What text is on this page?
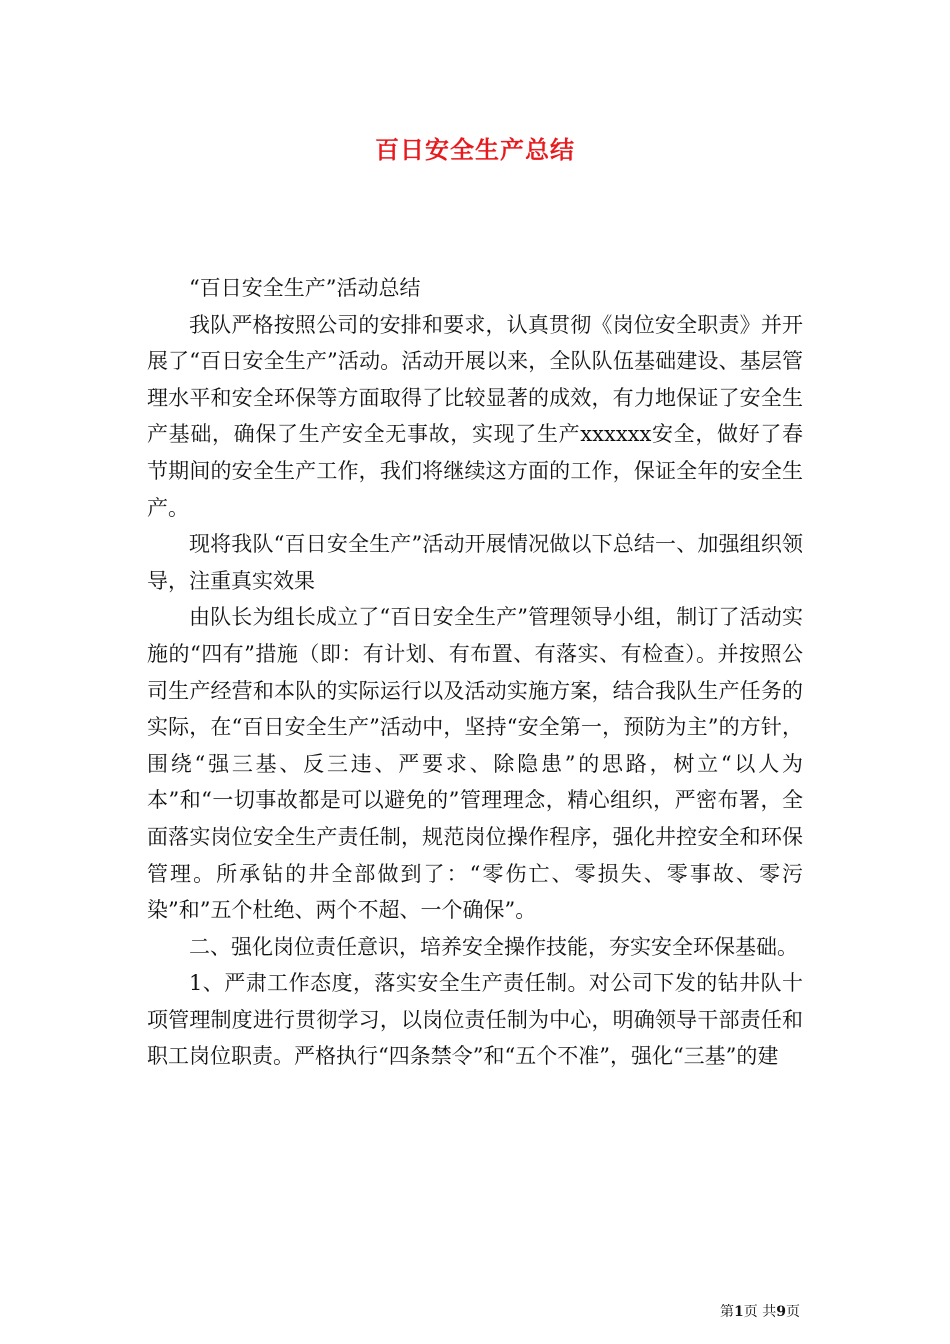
百日安全生产总结

“百日安全生产”活动总结

我队严格按照公司的安排和要求，认真贯彻《岗位安全职责》并开展了“百日安全生产”活动。活动开展以来，全队队伍基础建设、基层管理水平和安全环保等方面取得了比较显著的成效，有力地保证了安全生产基础，确保了生产安全无事故，实现了生产xxxxxx安全，做好了春节期间的安全生产工作，我们将继续这方面的工作，保证全年的安全生产。

现将我队“百日安全生产”活动开展情况做以下总结一、加强组织领导，注重真实效果

由队长为组长成立了“百日安全生产”管理领导小组，制订了活动实施的“四有”措施（即：有计划、有布置、有落实、有检查）。并按照公司生产经营和本队的实际运行以及活动实施方案，结合我队生产任务的实际，在“百日安全生产”活动中，坚持“安全第一，预防为主”的方针，围绕“强三基、反三违、严要求、除隐患”的思路，树立“以人为本”和“一切事故都是可以避免的”管理理念，精心组织，严密布署，全面落实岗位安全生产责任制，规范岗位操作程序，强化井控安全和环保管理。所承钻的井全部做到了：“零伤亡、零损失、零事故、零污染”和”五个杜绝、两个不超、一个确保”。

二、强化岗位责任意识，培养安全操作技能，夯实安全环保基础。

1、严肃工作态度，落实安全生产责任制。对公司下发的钻井队十项管理制度进行贯彻学习，以岗位责任制为中心，明确领导干部责任和职工岗位职责。严格执行“四条禁令”和“五个不准”，强化“三基”的建

第1页 共9页
